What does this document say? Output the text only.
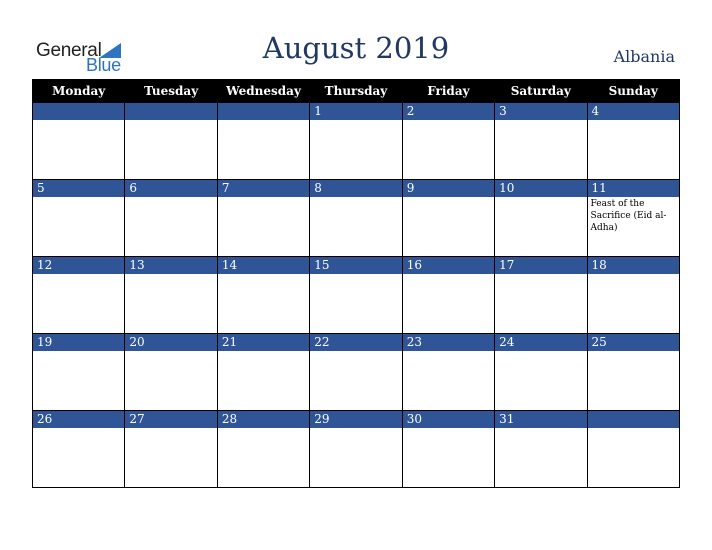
General
Blue	August 2019	Albania
Monday	Tuesday	Wednesday	Thursday	Friday	Saturday	Sunday

			1	2	3	4

5	6	7	8	9	10	11
Feast of the Sacrifice (Eid al-Adha)

12	13	14	15	16	17	18

19	20	21	22	23	24	25

26	27	28	29	30	31	
